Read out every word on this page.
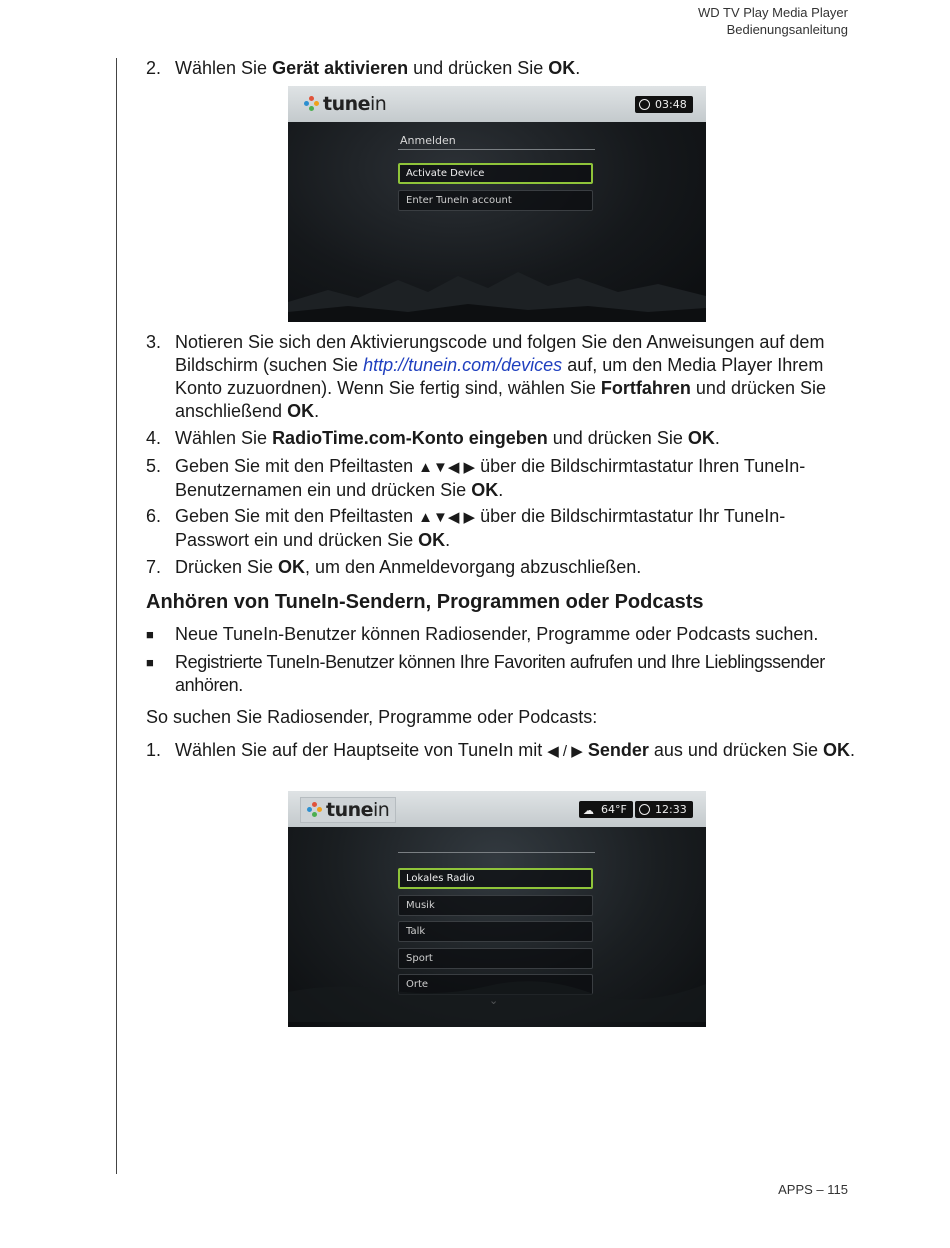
WD TV Play Media Player
Bedienungsanleitung
2. Wählen Sie Gerät aktivieren und drücken Sie OK.
tunein	03:48
Anmelden
Activate Device
Enter TuneIn account
3. Notieren Sie sich den Aktivierungscode und folgen Sie den Anweisungen auf dem Bildschirm (suchen Sie http://tunein.com/devices auf, um den Media Player Ihrem Konto zuzuordnen). Wenn Sie fertig sind, wählen Sie Fortfahren und drücken Sie anschließend OK.
4. Wählen Sie RadioTime.com-Konto eingeben und drücken Sie OK.
5. Geben Sie mit den Pfeiltasten ▲▼◀ ▶ über die Bildschirmtastatur Ihren TuneIn-Benutzernamen ein und drücken Sie OK.
6. Geben Sie mit den Pfeiltasten ▲▼◀ ▶ über die Bildschirmtastatur Ihr TuneIn-Passwort ein und drücken Sie OK.
7. Drücken Sie OK, um den Anmeldevorgang abzuschließen.
Anhören von TuneIn-Sendern, Programmen oder Podcasts
■ Neue TuneIn-Benutzer können Radiosender, Programme oder Podcasts suchen.
■ Registrierte TuneIn-Benutzer können Ihre Favoriten aufrufen und Ihre Lieblingssender anhören.
So suchen Sie Radiosender, Programme oder Podcasts:
1. Wählen Sie auf der Hauptseite von TuneIn mit ◀ / ▶ Sender aus und drücken Sie OK.
tunein	☁ 64°F	12:33
Lokales Radio
Musik
Talk
Sport
Orte
APPS – 115
